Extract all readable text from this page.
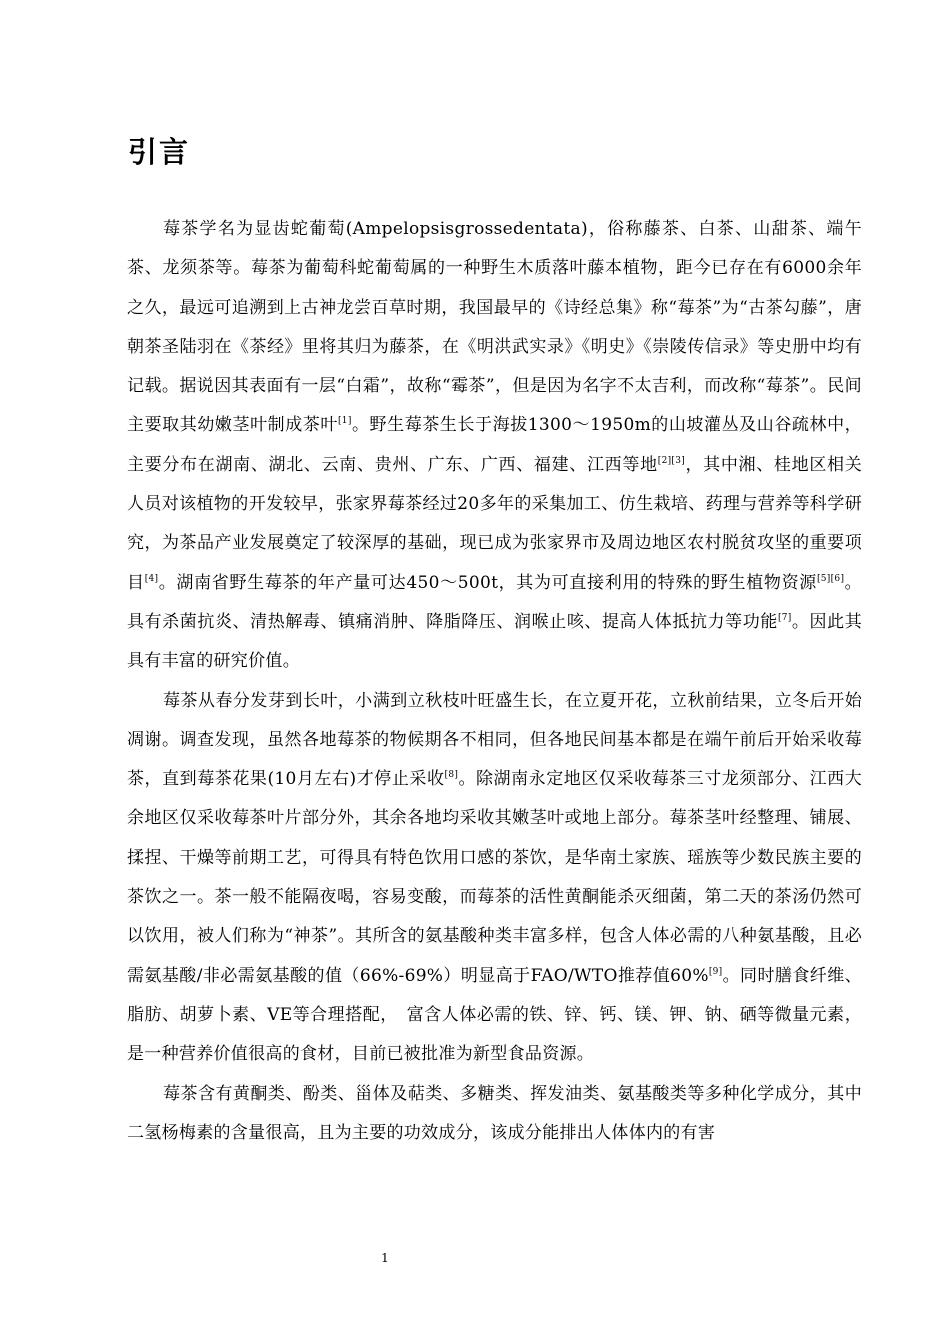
引言

莓茶学名为显齿蛇葡萄(Ampelopsisgrossedentata)，俗称藤茶、白茶、山甜茶、端午茶、龙须茶等。莓茶为葡萄科蛇葡萄属的一种野生木质落叶藤本植物，距今已存在有6000余年之久，最远可追溯到上古神龙尝百草时期，我国最早的《诗经总集》称“莓茶”为“古茶勾藤”，唐朝茶圣陆羽在《茶经》里将其归为藤茶，在《明洪武实录》《明史》《崇陵传信录》等史册中均有记载。据说因其表面有一层“白霜”，故称“霉茶”，但是因为名字不太吉利，而改称“莓茶”。民间主要取其幼嫩茎叶制成茶叶[1]。野生莓茶生长于海拔1300～1950m的山坡灌丛及山谷疏林中，主要分布在湖南、湖北、云南、贵州、广东、广西、福建、江西等地[2][3]，其中湘、桂地区相关人员对该植物的开发较早，张家界莓茶经过20多年的采集加工、仿生栽培、药理与营养等科学研究，为茶品产业发展奠定了较深厚的基础，现已成为张家界市及周边地区农村脱贫攻坚的重要项目[4]。湖南省野生莓茶的年产量可达450～500t，其为可直接利用的特殊的野生植物资源[5][6]。具有杀菌抗炎、清热解毒、镇痛消肿、降脂降压、润喉止咳、提高人体抵抗力等功能[7]。因此其具有丰富的研究价值。

莓茶从春分发芽到长叶，小满到立秋枝叶旺盛生长，在立夏开花，立秋前结果，立冬后开始凋谢。调查发现，虽然各地莓茶的物候期各不相同，但各地民间基本都是在端午前后开始采收莓茶，直到莓茶花果(10月左右)才停止采收[8]。除湖南永定地区仅采收莓茶三寸龙须部分、江西大余地区仅采收莓茶叶片部分外，其余各地均采收其嫩茎叶或地上部分。莓茶茎叶经整理、铺展、揉捏、干燥等前期工艺，可得具有特色饮用口感的茶饮，是华南土家族、瑶族等少数民族主要的茶饮之一。茶一般不能隔夜喝，容易变酸，而莓茶的活性黄酮能杀灭细菌，第二天的茶汤仍然可以饮用，被人们称为“神茶”。其所含的氨基酸种类丰富多样，包含人体必需的八种氨基酸，且必需氨基酸/非必需氨基酸的值（66%-69%）明显高于FAO/WTO推荐值60%[9]。同时膳食纤维、脂肪、胡萝卜素、VE等合理搭配，　富含人体必需的铁、锌、钙、镁、钾、钠、硒等微量元素，是一种营养价值很高的食材，目前已被批准为新型食品资源。

莓茶含有黄酮类、酚类、甾体及萜类、多糖类、挥发油类、氨基酸类等多种化学成分，其中二氢杨梅素的含量很高，且为主要的功效成分，该成分能排出人体体内的有害

1
